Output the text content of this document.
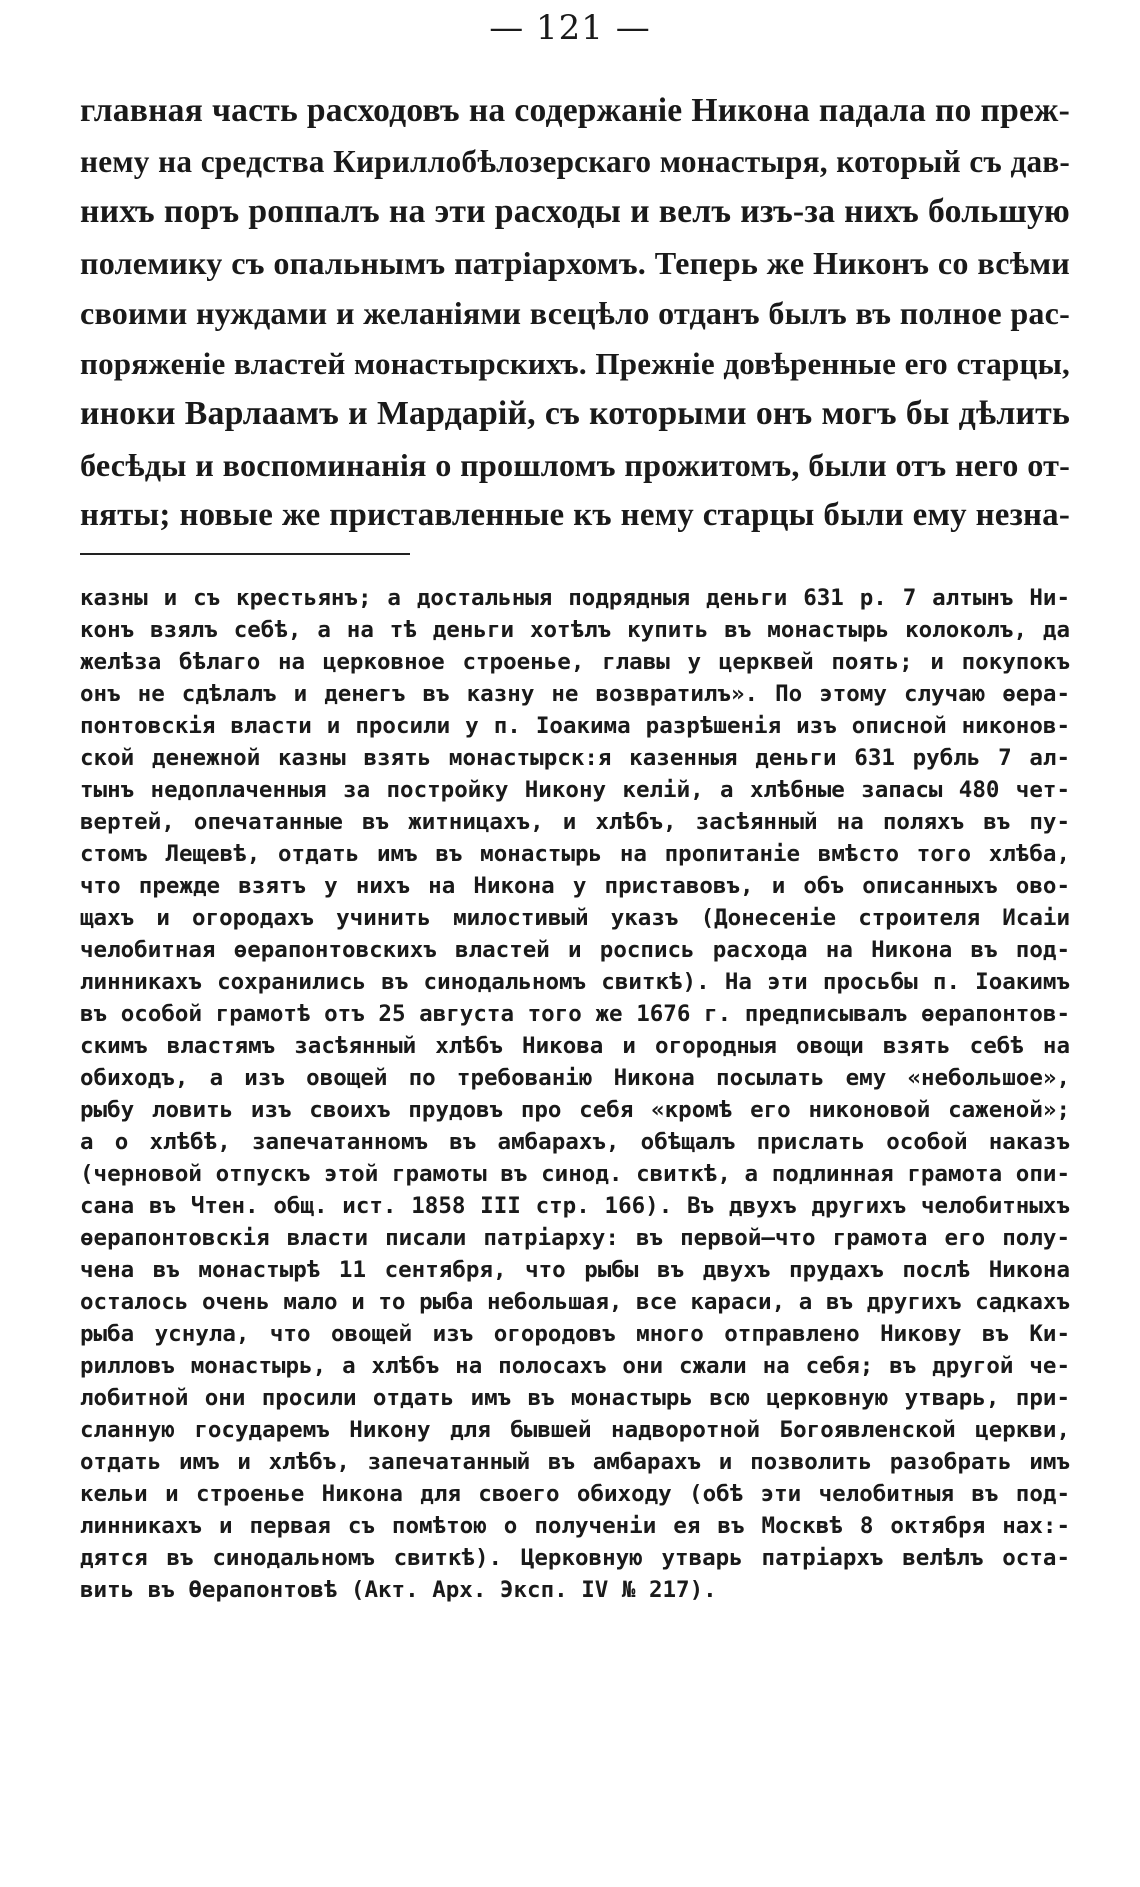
— 121 —
главная часть расходовъ на содержаніе Никона падала по преж-
нему на средства Кириллобѣлозерскаго монастыря, который съ дав-
нихъ поръ роппалъ на эти расходы и велъ изъ-за нихъ большую
полемику съ опальнымъ патріархомъ. Теперь же Никонъ со всѣми
своими нуждами и желаніями всецѣло отданъ былъ въ полное рас-
поряженіе властей монастырскихъ. Прежніе довѣренные его старцы,
иноки Варлаамъ и Мардарій, съ которыми онъ могъ бы дѣлить
бесѣды и воспоминанія о прошломъ прожитомъ, были отъ него от-
няты; новые же приставленные къ нему старцы были ему незна-
казны и съ крестьянъ; а достальныя подрядныя деньги 631 р. 7 алтынъ Ни-
конъ взялъ себѣ, а на тѣ деньги хотѣлъ купить въ монастырь колоколъ, да
желѣза бѣлаго на церковное строенье, главы у церквей поять; и покупокъ
онъ не сдѣлалъ и денегъ въ казну не возвратилъ». По этому случаю ѳера-
понтовскія власти и просили у п. Іоакима разрѣшенія изъ описной никонов-
ской денежной казны взять монастырск:я казенныя деньги 631 рубль 7 ал-
тынъ недоплаченныя за постройку Никону келій, а хлѣбные запасы 480 чет-
вертей, опечатанные въ житницахъ, и хлѣбъ, засѣянный на поляхъ въ пу-
стомъ Лещевѣ, отдать имъ въ монастырь на пропитаніе вмѣсто того хлѣба,
что прежде взятъ у нихъ на Никона у приставовъ, и объ описанныхъ ово-
щахъ и огородахъ учинить милостивый указъ (Донесеніе строителя Исаіи
челобитная ѳерапонтовскихъ властей и роспись расхода на Никона въ под-
линникахъ сохранились въ синодальномъ свиткѣ). На эти просьбы п. Іоакимъ
въ особой грамотѣ отъ 25 августа того же 1676 г. предписывалъ ѳерапонтов-
скимъ властямъ засѣянный хлѣбъ Никова и огородныя овощи взять себѣ на
обиходъ, а изъ овощей по требованію Никона посылать ему «небольшое»,
рыбу ловить изъ своихъ прудовъ про себя «кромѣ его никоновой саженой»;
а о хлѣбѣ, запечатанномъ въ амбарахъ, обѣщалъ прислать особой наказъ
(черновой отпускъ этой грамоты въ синод. свиткѣ, а подлинная грамота опи-
сана въ Чтен. общ. ист. 1858 III стр. 166). Въ двухъ другихъ челобитныхъ
ѳерапонтовскія власти писали патріарху: въ первой—что грамота его полу-
чена въ монастырѣ 11 сентября, что рыбы въ двухъ прудахъ послѣ Никона
осталось очень мало и то рыба небольшая, все караси, а въ другихъ садкахъ
рыба уснула, что овощей изъ огородовъ много отправлено Никову въ Ки-
рилловъ монастырь, а хлѣбъ на полосахъ они сжали на себя; въ другой че-
лобитной они просили отдать имъ въ монастырь всю церковную утварь, при-
сланную государемъ Никону для бывшей надворотной Богоявленской церкви,
отдать имъ и хлѣбъ, запечатанный въ амбарахъ и позволить разобрать имъ
кельи и строенье Никона для своего обиходу (обѣ эти челобитныя въ под-
линникахъ и первая съ помѣтою о полученіи ея въ Москвѣ 8 октября нах:-
дятся въ синодальномъ свиткѣ). Церковную утварь патріархъ велѣлъ оста-
вить въ Ѳерапонтовѣ (Акт. Арх. Эксп. IV № 217).
